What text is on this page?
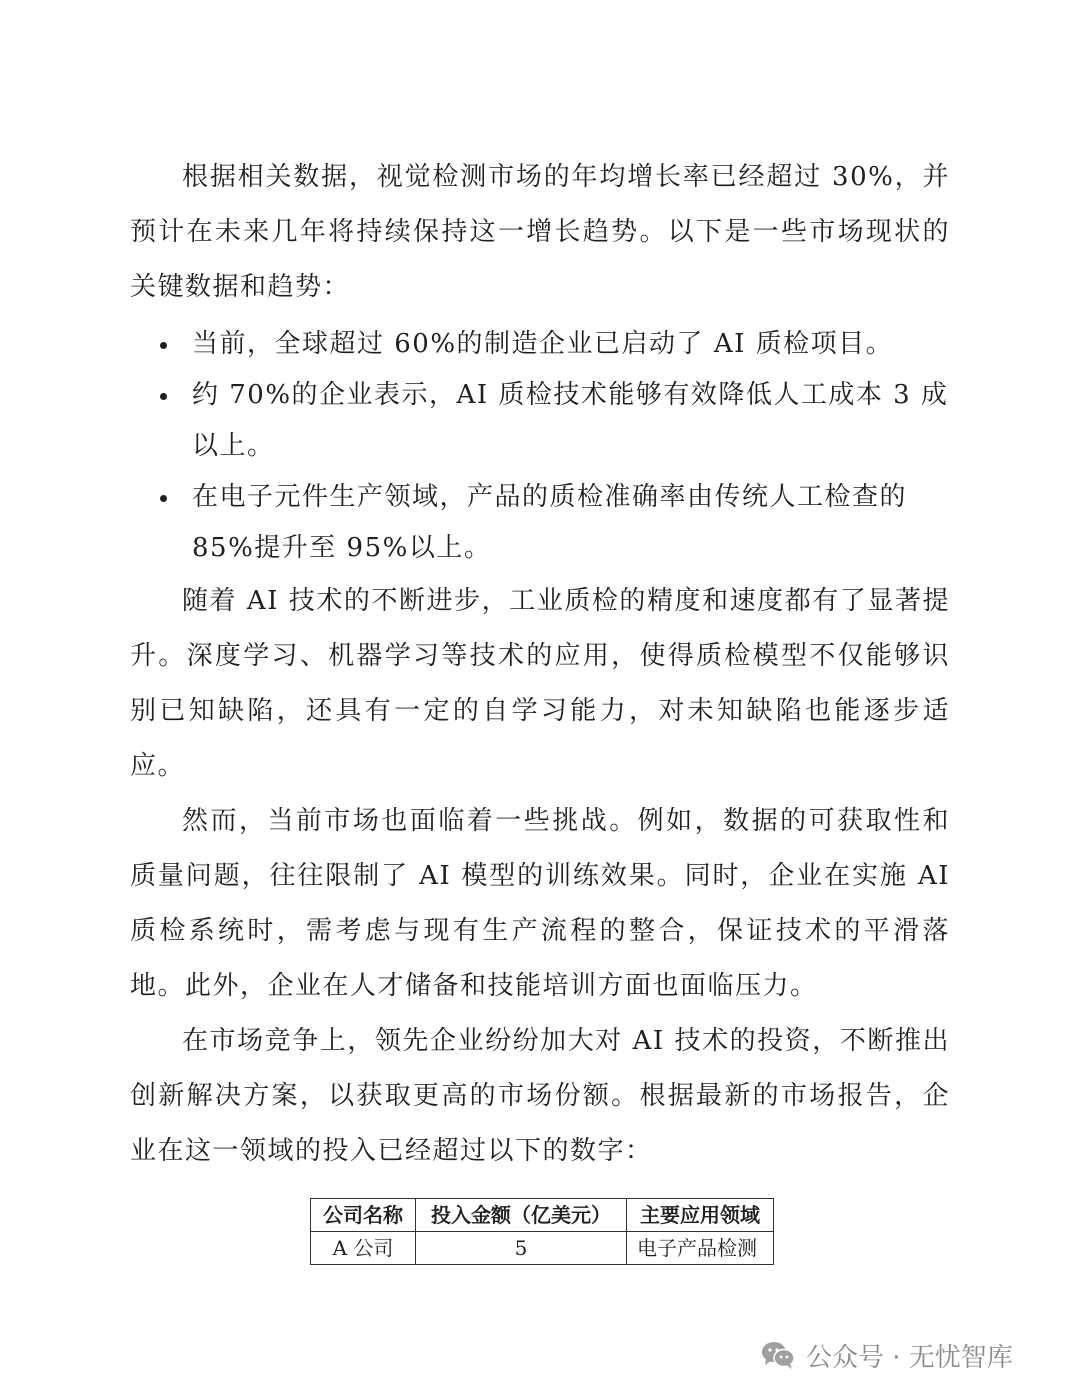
根据相关数据，视觉检测市场的年均增长率已经超过 30%，并预计在未来几年将持续保持这一增长趋势。以下是一些市场现状的关键数据和趋势：

当前，全球超过 60%的制造企业已启动了 AI 质检项目。
约 70%的企业表示，AI 质检技术能够有效降低人工成本 3 成以上。
在电子元件生产领域，产品的质检准确率由传统人工检查的 85%提升至 95%以上。

随着 AI 技术的不断进步，工业质检的精度和速度都有了显著提升。深度学习、机器学习等技术的应用，使得质检模型不仅能够识别已知缺陷，还具有一定的自学习能力，对未知缺陷也能逐步适应。

然而，当前市场也面临着一些挑战。例如，数据的可获取性和质量问题，往往限制了 AI 模型的训练效果。同时，企业在实施 AI 质检系统时，需考虑与现有生产流程的整合，保证技术的平滑落地。此外，企业在人才储备和技能培训方面也面临压力。

在市场竞争上，领先企业纷纷加大对 AI 技术的投资，不断推出创新解决方案，以获取更高的市场份额。根据最新的市场报告，企业在这一领域的投入已经超过以下的数字：

公司名称	投入金额（亿美元）	主要应用领域
A 公司	5	电子产品检测
公众号 · 无忧智库
